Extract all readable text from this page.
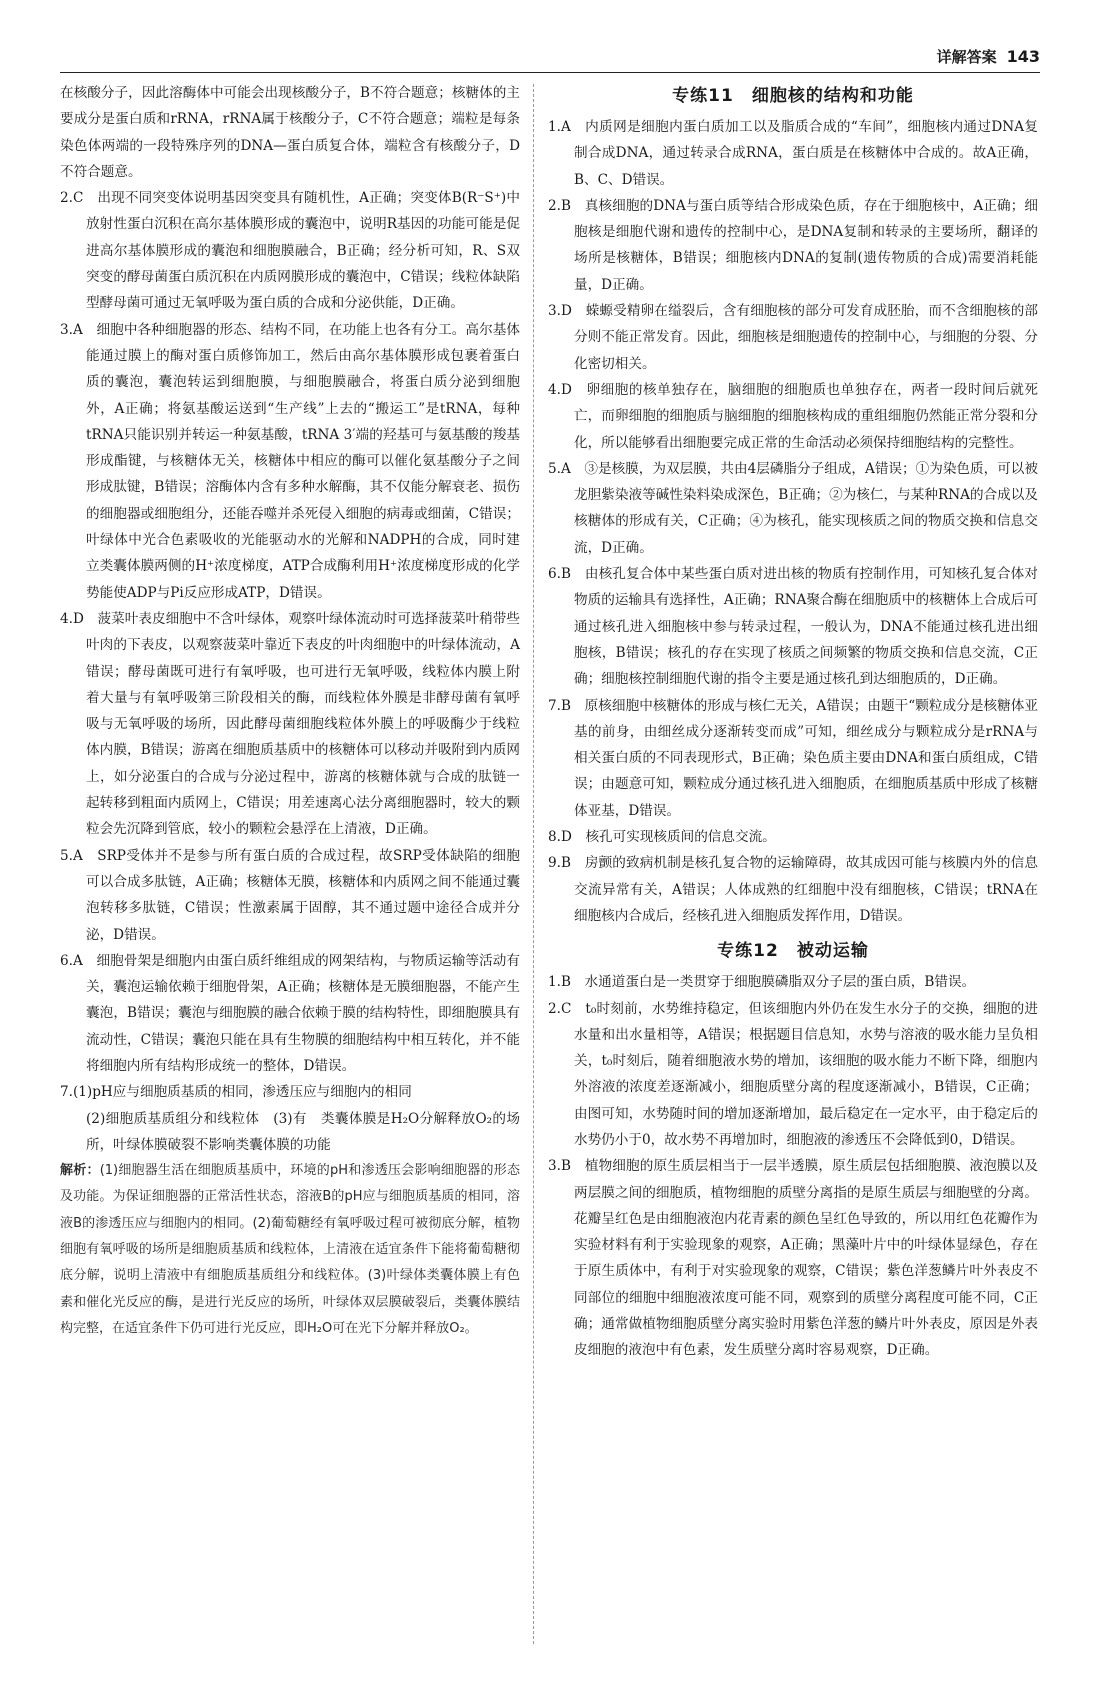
详解答案 143

在核酸分子，因此溶酶体中可能会出现核酸分子，B不符合题意；核糖体的主要成分是蛋白质和rRNA，rRNA属于核酸分子，C不符合题意；端粒是每条染色体两端的一段特殊序列的DNA—蛋白质复合体，端粒含有核酸分子，D不符合题意。

2.C　出现不同突变体说明基因突变具有随机性，A正确；突变体B(R⁻S⁺)中放射性蛋白沉积在高尔基体膜形成的囊泡中，说明R基因的功能可能是促进高尔基体膜形成的囊泡和细胞膜融合，B正确；经分析可知，R、S双突变的酵母菌蛋白质沉积在内质网膜形成的囊泡中，C错误；线粒体缺陷型酵母菌可通过无氧呼吸为蛋白质的合成和分泌供能，D正确。

3.A　细胞中各种细胞器的形态、结构不同，在功能上也各有分工。高尔基体能通过膜上的酶对蛋白质修饰加工，然后由高尔基体膜形成包裹着蛋白质的囊泡，囊泡转运到细胞膜，与细胞膜融合，将蛋白质分泌到细胞外，A正确；将氨基酸运送到“生产线”上去的“搬运工”是tRNA，每种tRNA只能识别并转运一种氨基酸，tRNA 3′端的羟基可与氨基酸的羧基形成酯键，与核糖体无关，核糖体中相应的酶可以催化氨基酸分子之间形成肽键，B错误；溶酶体内含有多种水解酶，其不仅能分解衰老、损伤的细胞器或细胞组分，还能吞噬并杀死侵入细胞的病毒或细菌，C错误；叶绿体中光合色素吸收的光能驱动水的光解和NADPH的合成，同时建立类囊体膜两侧的H⁺浓度梯度，ATP合成酶利用H⁺浓度梯度形成的化学势能使ADP与Pi反应形成ATP，D错误。

4.D　菠菜叶表皮细胞中不含叶绿体，观察叶绿体流动时可选择菠菜叶稍带些叶肉的下表皮，以观察菠菜叶靠近下表皮的叶肉细胞中的叶绿体流动，A错误；酵母菌既可进行有氧呼吸，也可进行无氧呼吸，线粒体内膜上附着大量与有氧呼吸第三阶段相关的酶，而线粒体外膜是非酵母菌有氧呼吸与无氧呼吸的场所，因此酵母菌细胞线粒体外膜上的呼吸酶少于线粒体内膜，B错误；游离在细胞质基质中的核糖体可以移动并吸附到内质网上，如分泌蛋白的合成与分泌过程中，游离的核糖体就与合成的肽链一起转移到粗面内质网上，C错误；用差速离心法分离细胞器时，较大的颗粒会先沉降到管底，较小的颗粒会悬浮在上清液，D正确。

5.A　SRP受体并不是参与所有蛋白质的合成过程，故SRP受体缺陷的细胞可以合成多肽链，A正确；核糖体无膜，核糖体和内质网之间不能通过囊泡转移多肽链，C错误；性激素属于固醇，其不通过题中途径合成并分泌，D错误。

6.A　细胞骨架是细胞内由蛋白质纤维组成的网架结构，与物质运输等活动有关，囊泡运输依赖于细胞骨架，A正确；核糖体是无膜细胞器，不能产生囊泡，B错误；囊泡与细胞膜的融合依赖于膜的结构特性，即细胞膜具有流动性，C错误；囊泡只能在具有生物膜的细胞结构中相互转化，并不能将细胞内所有结构形成统一的整体，D错误。

7.(1)pH应与细胞质基质的相同，渗透压应与细胞内的相同
(2)细胞质基质组分和线粒体　(3)有　类囊体膜是H₂O分解释放O₂的场所，叶绿体膜破裂不影响类囊体膜的功能

解析：(1)细胞器生活在细胞质基质中，环境的pH和渗透压会影响细胞器的形态及功能。为保证细胞器的正常活性状态，溶液B的pH应与细胞质基质的相同，溶液B的渗透压应与细胞内的相同。(2)葡萄糖经有氧呼吸过程可被彻底分解，植物细胞有氧呼吸的场所是细胞质基质和线粒体，上清液在适宜条件下能将葡萄糖彻底分解，说明上清液中有细胞质基质组分和线粒体。(3)叶绿体类囊体膜上有色素和催化光反应的酶，是进行光反应的场所，叶绿体双层膜破裂后，类囊体膜结构完整，在适宜条件下仍可进行光反应，即H₂O可在光下分解并释放O₂。

专练11　细胞核的结构和功能

1.A　内质网是细胞内蛋白质加工以及脂质合成的“车间”，细胞核内通过DNA复制合成DNA，通过转录合成RNA，蛋白质是在核糖体中合成的。故A正确，B、C、D错误。

2.B　真核细胞的DNA与蛋白质等结合形成染色质，存在于细胞核中，A正确；细胞核是细胞代谢和遗传的控制中心，是DNA复制和转录的主要场所，翻译的场所是核糖体，B错误；细胞核内DNA的复制(遗传物质的合成)需要消耗能量，D正确。

3.D　蝾螈受精卵在缢裂后，含有细胞核的部分可发育成胚胎，而不含细胞核的部分则不能正常发育。因此，细胞核是细胞遗传的控制中心，与细胞的分裂、分化密切相关。

4.D　卵细胞的核单独存在，脑细胞的细胞质也单独存在，两者一段时间后就死亡，而卵细胞的细胞质与脑细胞的细胞核构成的重组细胞仍然能正常分裂和分化，所以能够看出细胞要完成正常的生命活动必须保持细胞结构的完整性。

5.A　③是核膜，为双层膜，共由4层磷脂分子组成，A错误；①为染色质，可以被龙胆紫染液等碱性染料染成深色，B正确；②为核仁，与某种RNA的合成以及核糖体的形成有关，C正确；④为核孔，能实现核质之间的物质交换和信息交流，D正确。

6.B　由核孔复合体中某些蛋白质对进出核的物质有控制作用，可知核孔复合体对物质的运输具有选择性，A正确；RNA聚合酶在细胞质中的核糖体上合成后可通过核孔进入细胞核中参与转录过程，一般认为，DNA不能通过核孔进出细胞核，B错误；核孔的存在实现了核质之间频繁的物质交换和信息交流，C正确；细胞核控制细胞代谢的指令主要是通过核孔到达细胞质的，D正确。

7.B　原核细胞中核糖体的形成与核仁无关，A错误；由题干“颗粒成分是核糖体亚基的前身，由细丝成分逐渐转变而成”可知，细丝成分与颗粒成分是rRNA与相关蛋白质的不同表现形式，B正确；染色质主要由DNA和蛋白质组成，C错误；由题意可知，颗粒成分通过核孔进入细胞质，在细胞质基质中形成了核糖体亚基，D错误。

8.D　核孔可实现核质间的信息交流。

9.B　房颤的致病机制是核孔复合物的运输障碍，故其成因可能与核膜内外的信息交流异常有关，A错误；人体成熟的红细胞中没有细胞核，C错误；tRNA在细胞核内合成后，经核孔进入细胞质发挥作用，D错误。

专练12　被动运输

1.B　水通道蛋白是一类贯穿于细胞膜磷脂双分子层的蛋白质，B错误。

2.C　t₀时刻前，水势维持稳定，但该细胞内外仍在发生水分子的交换，细胞的进水量和出水量相等，A错误；根据题目信息知，水势与溶液的吸水能力呈负相关，t₀时刻后，随着细胞液水势的增加，该细胞的吸水能力不断下降，细胞内外溶液的浓度差逐渐减小，细胞质壁分离的程度逐渐减小，B错误，C正确；由图可知，水势随时间的增加逐渐增加，最后稳定在一定水平，由于稳定后的水势仍小于0，故水势不再增加时，细胞液的渗透压不会降低到0，D错误。

3.B　植物细胞的原生质层相当于一层半透膜，原生质层包括细胞膜、液泡膜以及两层膜之间的细胞质，植物细胞的质壁分离指的是原生质层与细胞壁的分离。花瓣呈红色是由细胞液泡内花青素的颜色呈红色导致的，所以用红色花瓣作为实验材料有利于实验现象的观察，A正确；黑藻叶片中的叶绿体显绿色，存在于原生质体中，有利于对实验现象的观察，C错误；紫色洋葱鳞片叶外表皮不同部位的细胞中细胞液浓度可能不同，观察到的质壁分离程度可能不同，C正确；通常做植物细胞质壁分离实验时用紫色洋葱的鳞片叶外表皮，原因是外表皮细胞的液泡中有色素，发生质壁分离时容易观察，D正确。
